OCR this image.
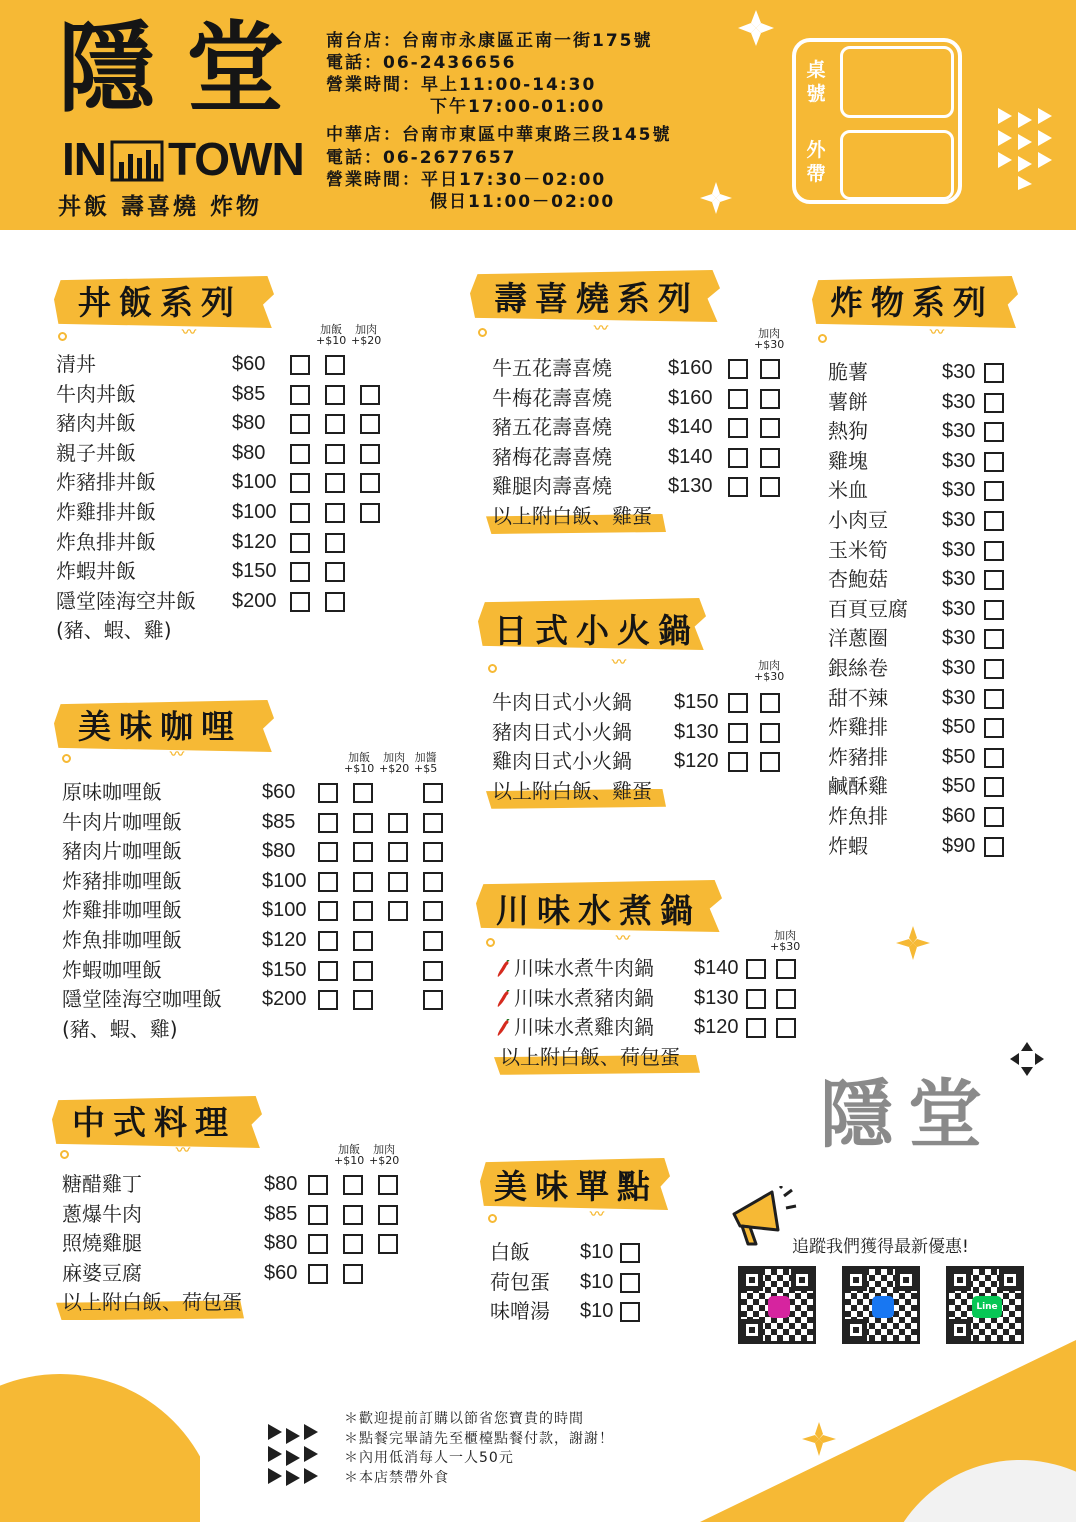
隱堂
IN TOWN
丼飯 壽喜燒 炸物
南台店：台南市永康區正南一街175號
電話：06-2436656
營業時間：早上11:00-14:30
下午17:00-01:00
中華店：台南市東區中華東路三段145號
電話：06-2677657
營業時間：平日17:30－02:00
假日11:00－02:00
桌號
外帶
丼飯系列
〰	加飯
+$10
加肉
+$20
清丼	$60
牛肉丼飯	$85
豬肉丼飯	$80
親子丼飯	$80
炸豬排丼飯	$100
炸雞排丼飯	$100
炸魚排丼飯	$120
炸蝦丼飯	$150
隱堂陸海空丼飯 $200
(豬、蝦、雞)
美味咖哩
〰	加飯
+$10
加肉
+$20
加醬
+$5
原味咖哩飯	$60
牛肉片咖哩飯	$85
豬肉片咖哩飯	$80
炸豬排咖哩飯	$100
炸雞排咖哩飯	$100
炸魚排咖哩飯	$120
炸蝦咖哩飯	$150
隱堂陸海空咖哩飯 $200
(豬、蝦、雞)
中式料理
〰	加飯
+$10
加肉
+$20
糖醋雞丁	$80
蔥爆牛肉	$85
照燒雞腿	$80
麻婆豆腐	$60
以上附白飯、荷包蛋
壽喜燒系列
〰	加肉
+$30
牛五花壽喜燒	$160
牛梅花壽喜燒	$160
豬五花壽喜燒	$140
豬梅花壽喜燒	$140
雞腿肉壽喜燒	$130
以上附白飯、雞蛋
日式小火鍋
〰	加肉
+$30
牛肉日式小火鍋 $150
豬肉日式小火鍋 $130
雞肉日式小火鍋 $120
以上附白飯、雞蛋
川味水煮鍋
〰	加肉
+$30
川味水煮牛肉鍋 $140
川味水煮豬肉鍋 $130
川味水煮雞肉鍋 $120
以上附白飯、荷包蛋
美味單點
〰
白飯	$10
荷包蛋 $10
味噌湯 $10
炸物系列
〰
脆薯	$30
薯餅	$30
熱狗	$30
雞塊	$30
米血	$30
小肉豆	$30
玉米筍	$30
杏鮑菇	$30
百頁豆腐 $30
洋蔥圈	$30
銀絲卷	$30
甜不辣	$30
炸雞排	$50
炸豬排	$50
鹹酥雞	$50
炸魚排	$60
炸蝦	$90
隱堂
追蹤我們獲得最新優惠!
Line
＊歡迎提前訂購以節省您寶貴的時間
＊點餐完畢請先至櫃檯點餐付款，謝謝！
＊內用低消每人一人50元
＊本店禁帶外食
